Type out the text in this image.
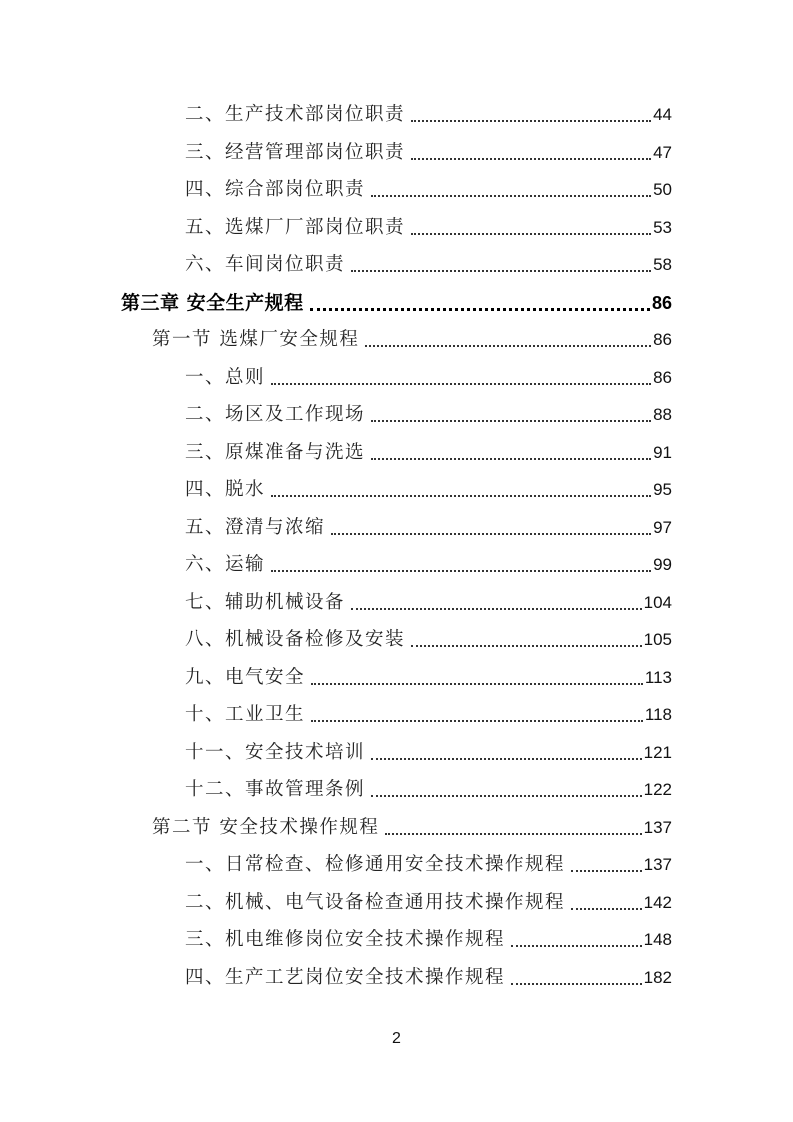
二、生产技术部岗位职责	44
三、经营管理部岗位职责	47
四、综合部岗位职责	50
五、选煤厂厂部岗位职责	53
六、车间岗位职责	58
第三章 安全生产规程	86
第一节 选煤厂安全规程	86
一、总则	86
二、场区及工作现场	88
三、原煤准备与洗选	91
四、脱水	95
五、澄清与浓缩	97
六、运输	99
七、辅助机械设备	104
八、机械设备检修及安装	105
九、电气安全	113
十、工业卫生	118
十一、安全技术培训	121
十二、事故管理条例	122
第二节 安全技术操作规程	137
一、日常检查、检修通用安全技术操作规程	137
二、机械、电气设备检查通用技术操作规程	142
三、机电维修岗位安全技术操作规程	148
四、生产工艺岗位安全技术操作规程	182
2
